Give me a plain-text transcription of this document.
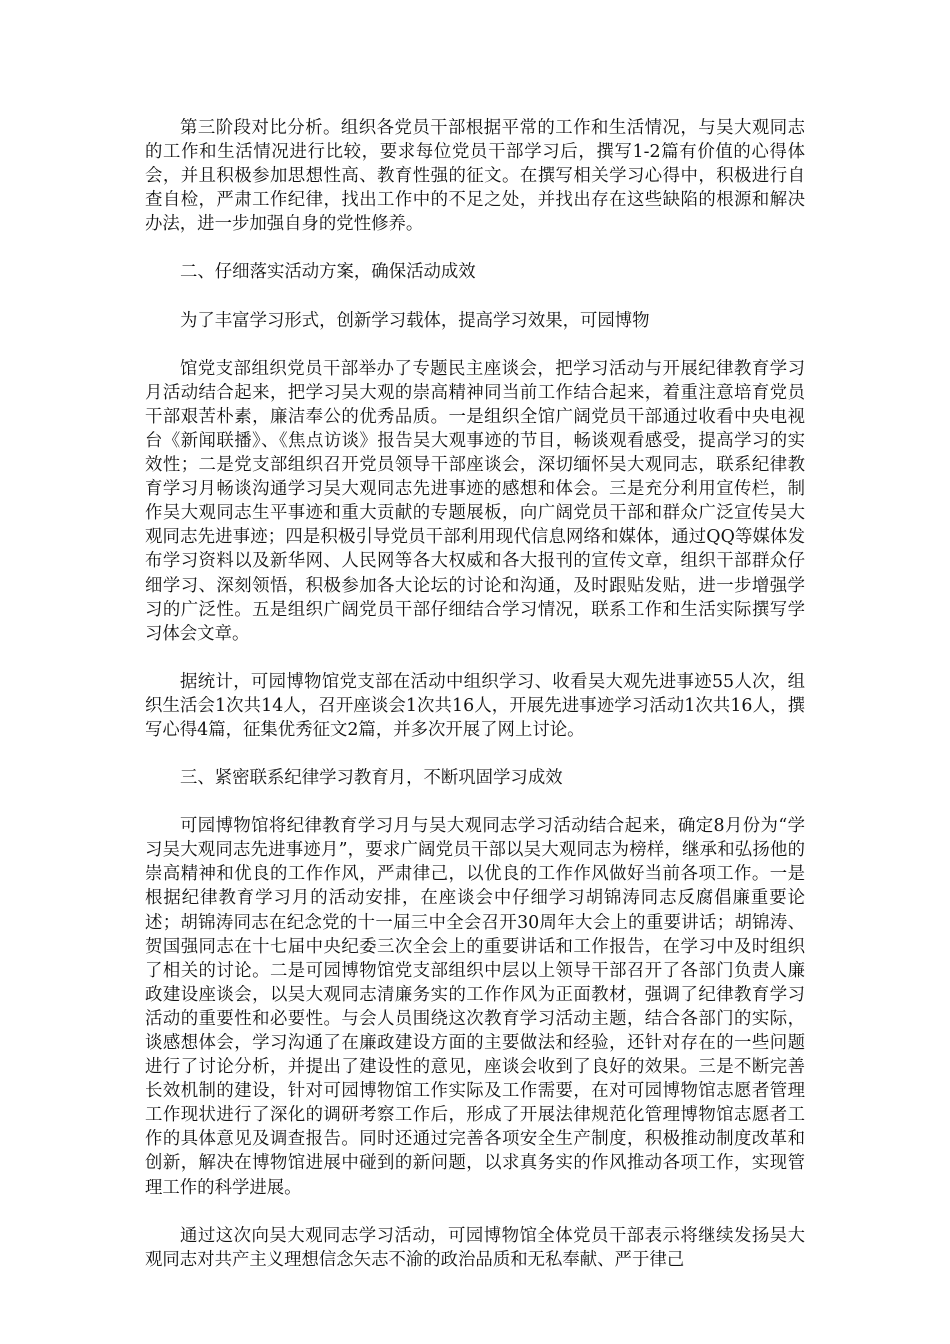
第三阶段对比分析。组织各党员干部根据平常的工作和生活情况，与吴大观同志的工作和生活情况进行比较，要求每位党员干部学习后，撰写1-2篇有价值的心得体会，并且积极参加思想性高、教育性强的征文。在撰写相关学习心得中，积极进行自查自检，严肃工作纪律，找出工作中的不足之处，并找出存在这些缺陷的根源和解决办法，进一步加强自身的党性修养。

二、仔细落实活动方案，确保活动成效

为了丰富学习形式，创新学习载体，提高学习效果，可园博物

馆党支部组织党员干部举办了专题民主座谈会，把学习活动与开展纪律教育学习月活动结合起来，把学习吴大观的崇高精神同当前工作结合起来，着重注意培育党员干部艰苦朴素，廉洁奉公的优秀品质。一是组织全馆广阔党员干部通过收看中央电视台《新闻联播》、《焦点访谈》报告吴大观事迹的节目，畅谈观看感受，提高学习的实效性；二是党支部组织召开党员领导干部座谈会，深切缅怀吴大观同志，联系纪律教育学习月畅谈沟通学习吴大观同志先进事迹的感想和体会。三是充分利用宣传栏，制作吴大观同志生平事迹和重大贡献的专题展板，向广阔党员干部和群众广泛宣传吴大观同志先进事迹；四是积极引导党员干部利用现代信息网络和媒体，通过QQ等媒体发布学习资料以及新华网、人民网等各大权威和各大报刊的宣传文章，组织干部群众仔细学习、深刻领悟，积极参加各大论坛的讨论和沟通，及时跟贴发贴，进一步增强学习的广泛性。五是组织广阔党员干部仔细结合学习情况，联系工作和生活实际撰写学习体会文章。

据统计，可园博物馆党支部在活动中组织学习、收看吴大观先进事迹55人次，组织生活会1次共14人，召开座谈会1次共16人，开展先进事迹学习活动1次共16人，撰写心得4篇，征集优秀征文2篇，并多次开展了网上讨论。

三、紧密联系纪律学习教育月，不断巩固学习成效

可园博物馆将纪律教育学习月与吴大观同志学习活动结合起来，确定8月份为“学习吴大观同志先进事迹月”，要求广阔党员干部以吴大观同志为榜样，继承和弘扬他的崇高精神和优良的工作作风，严肃律己，以优良的工作作风做好当前各项工作。一是根据纪律教育学习月的活动安排，在座谈会中仔细学习胡锦涛同志反腐倡廉重要论述；胡锦涛同志在纪念党的十一届三中全会召开30周年大会上的重要讲话；胡锦涛、贺国强同志在十七届中央纪委三次全会上的重要讲话和工作报告，在学习中及时组织了相关的讨论。二是可园博物馆党支部组织中层以上领导干部召开了各部门负责人廉政建设座谈会，以吴大观同志清廉务实的工作作风为正面教材，强调了纪律教育学习活动的重要性和必要性。与会人员围绕这次教育学习活动主题，结合各部门的实际，谈感想体会，学习沟通了在廉政建设方面的主要做法和经验，还针对存在的一些问题进行了讨论分析，并提出了建设性的意见，座谈会收到了良好的效果。三是不断完善长效机制的建设，针对可园博物馆工作实际及工作需要，在对可园博物馆志愿者管理工作现状进行了深化的调研考察工作后，形成了开展法律规范化管理博物馆志愿者工作的具体意见及调查报告。同时还通过完善各项安全生产制度，积极推动制度改革和创新，解决在博物馆进展中碰到的新问题，以求真务实的作风推动各项工作，实现管理工作的科学进展。

通过这次向吴大观同志学习活动，可园博物馆全体党员干部表示将继续发扬吴大观同志对共产主义理想信念矢志不渝的政治品质和无私奉献、严于律己
